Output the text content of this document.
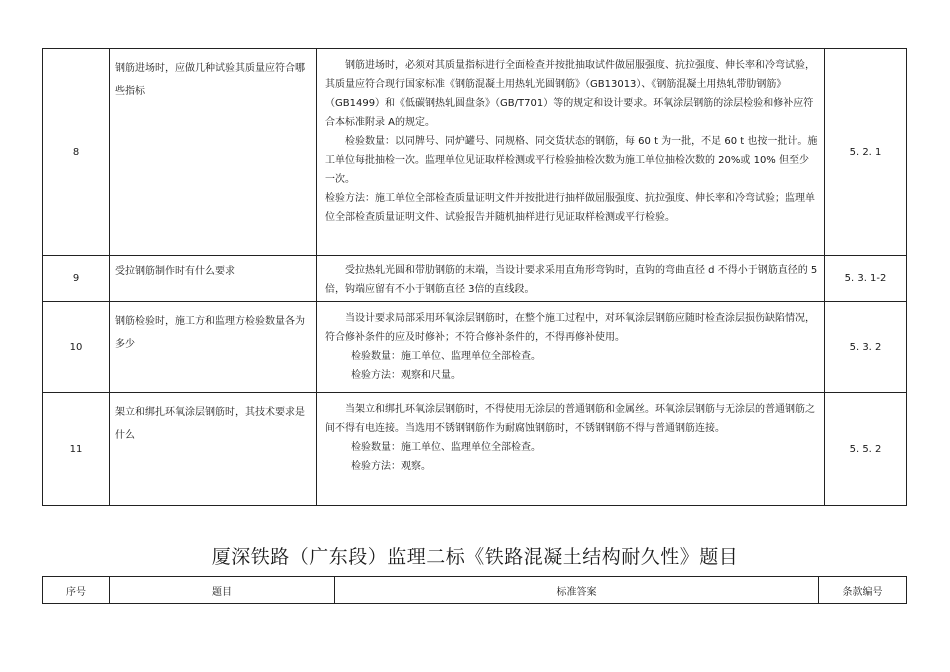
8	钢筋进场时，应做几种试验其质量应符合哪些指标	钢筋进场时，必须对其质量指标进行全面检查并按批抽取试件做屈服强度、抗拉强度、伸长率和冷弯试验，其质量应符合现行国家标准《钢筋混凝土用热轧光圆钢筋》（GB13013）、《钢筋混凝土用热轧带肋钢筋》（GB1499）和《低碳钢热轧圆盘条》（GB/T701）等的规定和设计要求。环氧涂层钢筋的涂层检验和修补应符合本标准附录 A的规定。
检验数量：以同牌号、同炉罐号、同规格、同交货状态的钢筋，每 60 t 为一批，不足 60 t 也按一批计。施工单位每批抽检一次。监理单位见证取样检测或平行检验抽检次数为施工单位抽检次数的 20%或 10% 但至少一次。
检验方法：施工单位全部检查质量证明文件并按批进行抽样做屈服强度、抗拉强度、伸长率和冷弯试验；监理单位全部检查质量证明文件、试验报告并随机抽样进行见证取样检测或平行检验。	5. 2. 1
9	受拉钢筋制作时有什么要求	受拉热轧光圆和带肋钢筋的末端，当设计要求采用直角形弯钩时，直钩的弯曲直径 d 不得小于钢筋直径的 5 倍，钩端应留有不小于钢筋直径 3倍的直线段。	5. 3. 1-2
10	钢筋检验时，施工方和监理方检验数量各为多少	当设计要求局部采用环氧涂层钢筋时，在整个施工过程中，对环氧涂层钢筋应随时检查涂层损伤缺陷情况，符合修补条件的应及时修补；不符合修补条件的，不得再修补使用。
检验数量：施工单位、监理单位全部检查。
检验方法：观察和尺量。	5. 3. 2
11	架立和绑扎环氧涂层钢筋时，其技术要求是什么	当架立和绑扎环氧涂层钢筋时，不得使用无涂层的普通钢筋和金属丝。环氧涂层钢筋与无涂层的普通钢筋之间不得有电连接。当选用不锈钢钢筋作为耐腐蚀钢筋时，不锈钢钢筋不得与普通钢筋连接。
检验数量：施工单位、监理单位全部检查。
检验方法：观察。	5. 5. 2
厦深铁路（广东段）监理二标《铁路混凝土结构耐久性》题目
序号	题目	标准答案	条款编号
